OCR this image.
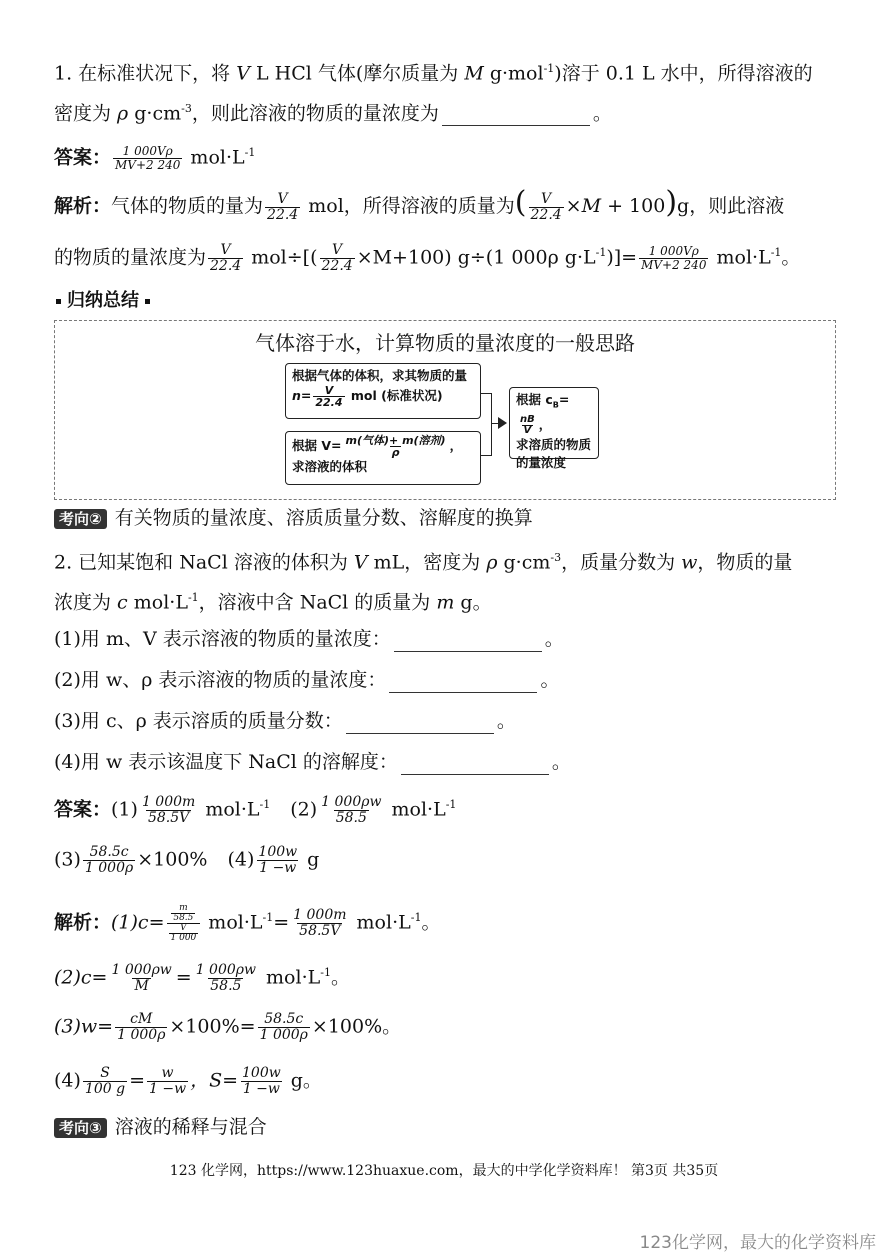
1. 在标准状况下，将 V L HCl 气体(摩尔质量为 M g·mol$^{-1}$)溶于 0.1 L 水中，所得溶液的
密度为 ρ $g\cdot cm^{-3}$，则此溶液的物质的量浓度为	。
答案： $\frac{1 000V\rho}{MV+2 240} mol\cdot L^{-1}$
解析：气体的物质的量为 $\frac{V}{22.4}$ mol，所得溶液的质量为( $\frac{V}{22.4} \times M + 100)g$，则此溶液
的物质的量浓度为 $\frac{V}{22.4} mol\div[( \frac{V}{22.4} \times M+100)$ g÷(1 000ρ $g\cdot L^{-1})]= \frac{1 000V\rho}{MV+2 240} mol\cdot L^{-1}$。
归纳总结
气体溶于水，计算物质的量浓度的一般思路
根据气体的体积，求其物质的量
$n= \frac{V}{22.4}$ mol (标准状况)
根据 $V= \frac{\text{m(气体)+ m(溶剂)}}{\rho}$ ，
求溶液的体积
根据 $c_B=$
$\frac{nB}{V}$ ，
求溶质的物质
的量浓度
考向② 有关物质的量浓度、溶质质量分数、溶解度的换算
2. 已知某饱和 NaCl 溶液的体积为 V mL，密度为 ρ $g\cdot cm^{-3}$，质量分数为 w，物质的量
浓度为 c $mol\cdot L^{-1}$，溶液中含 NaCl 的质量为 m g。
(1)用 m、V 表示溶液的物质的量浓度：	。
(2)用 w、ρ 表示溶液的物质的量浓度：	。
(3)用 c、ρ 表示溶质的质量分数：	。
(4)用 w 表示该温度下 NaCl 的溶解度：	。
答案：$(1) \frac{1 000m}{58.5V} mol\cdot L^{-1}$ $(2) \frac{1 000\rho w}{58.5} mol\cdot L^{-1}$
$(3) \frac{58.5c}{1 000\rho} \times 100\%$ $(4) \frac{100w}{1 -w}$ g
解析：$(1)c= \frac{\frac{m}{58.5}}{\frac{V}{1 000}} mol\cdot L^{-1}= \frac{1 000m}{58.5V} mol\cdot L^{-1}$。
$(2)c= \frac{1 000\rho w}{M} = \frac{1 000\rho w}{58.5} mol\cdot L^{-1}$。
$(3)w= \frac{cM}{1 000\rho} \times 100\%= \frac{58.5c}{1 000\rho} \times 100\%$。
$(4) \frac{S}{100 g} = \frac{w}{1 -w}$ ，$S= \frac{100w}{1 -w}$ g。
考向③ 溶液的稀释与混合
123 化学网，https://www.123huaxue.com，最大的中学化学资料库！ 第3页 共35页
123化学网，最大的化学资料库
